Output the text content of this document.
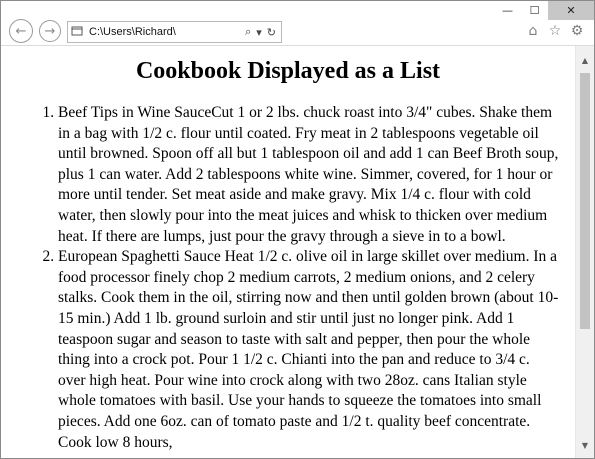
—	☐	✕
← →	C:\Users\Richard\	⌕ ▾ ↻	⌂ ☆ ⚙
Cookbook Displayed as a List
1. Beef Tips in Wine SauceCut 1 or 2 lbs. chuck roast into 3/4" cubes. Shake them in a bag with 1/2 c. flour until coated. Fry meat in 2 tablespoons vegetable oil until browned. Spoon off all but 1 tablespoon oil and add 1 can Beef Broth soup, plus 1 can water. Add 2 tablespoons white wine. Simmer, covered, for 1 hour or more until tender. Set meat aside and make gravy. Mix 1/4 c. flour with cold water, then slowly pour into the meat juices and whisk to thicken over medium heat. If there are lumps, just pour the gravy through a sieve in to a bowl.
2. European Spaghetti Sauce Heat 1/2 c. olive oil in large skillet over medium. In a food processor finely chop 2 medium carrots, 2 medium onions, and 2 celery stalks. Cook them in the oil, stirring now and then until golden brown (about 10-15 min.) Add 1 lb. ground surloin and stir until just no longer pink. Add 1 teaspoon sugar and season to taste with salt and pepper, then pour the whole thing into a crock pot. Pour 1 1/2 c. Chianti into the pan and reduce to 3/4 c. over high heat. Pour wine into crock along with two 28oz. cans Italian style whole tomatoes with basil. Use your hands to squeeze the tomatoes into small pieces. Add one 6oz. can of tomato paste and 1/2 t. quality beef concentrate. Cook low 8 hours,
▲
▼
